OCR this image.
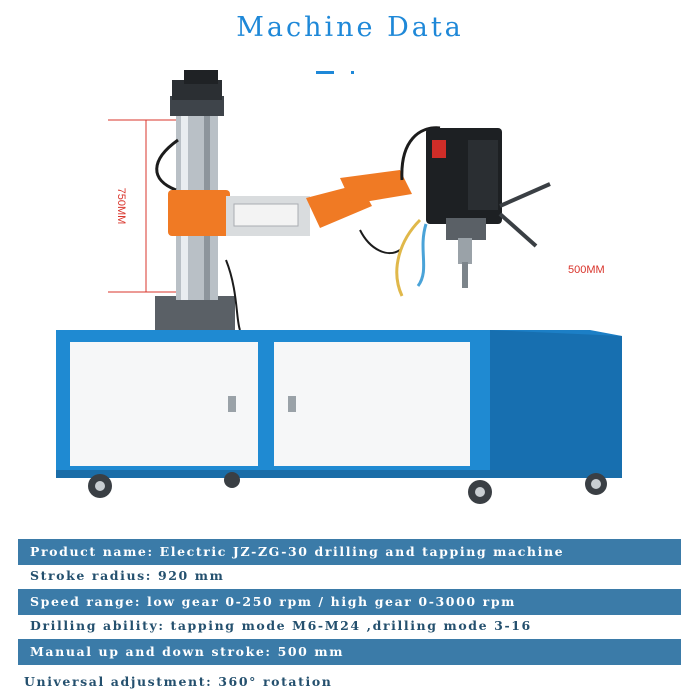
Machine Data
750MM
500MM
Product name: Electric JZ-ZG-30 drilling and tapping machine
Stroke radius: 920 mm
Speed range: low gear 0-250 rpm / high gear 0-3000 rpm
Drilling ability: tapping mode M6-M24 ,drilling mode 3-16
Manual up and down stroke: 500 mm
Universal adjustment: 360° rotation
